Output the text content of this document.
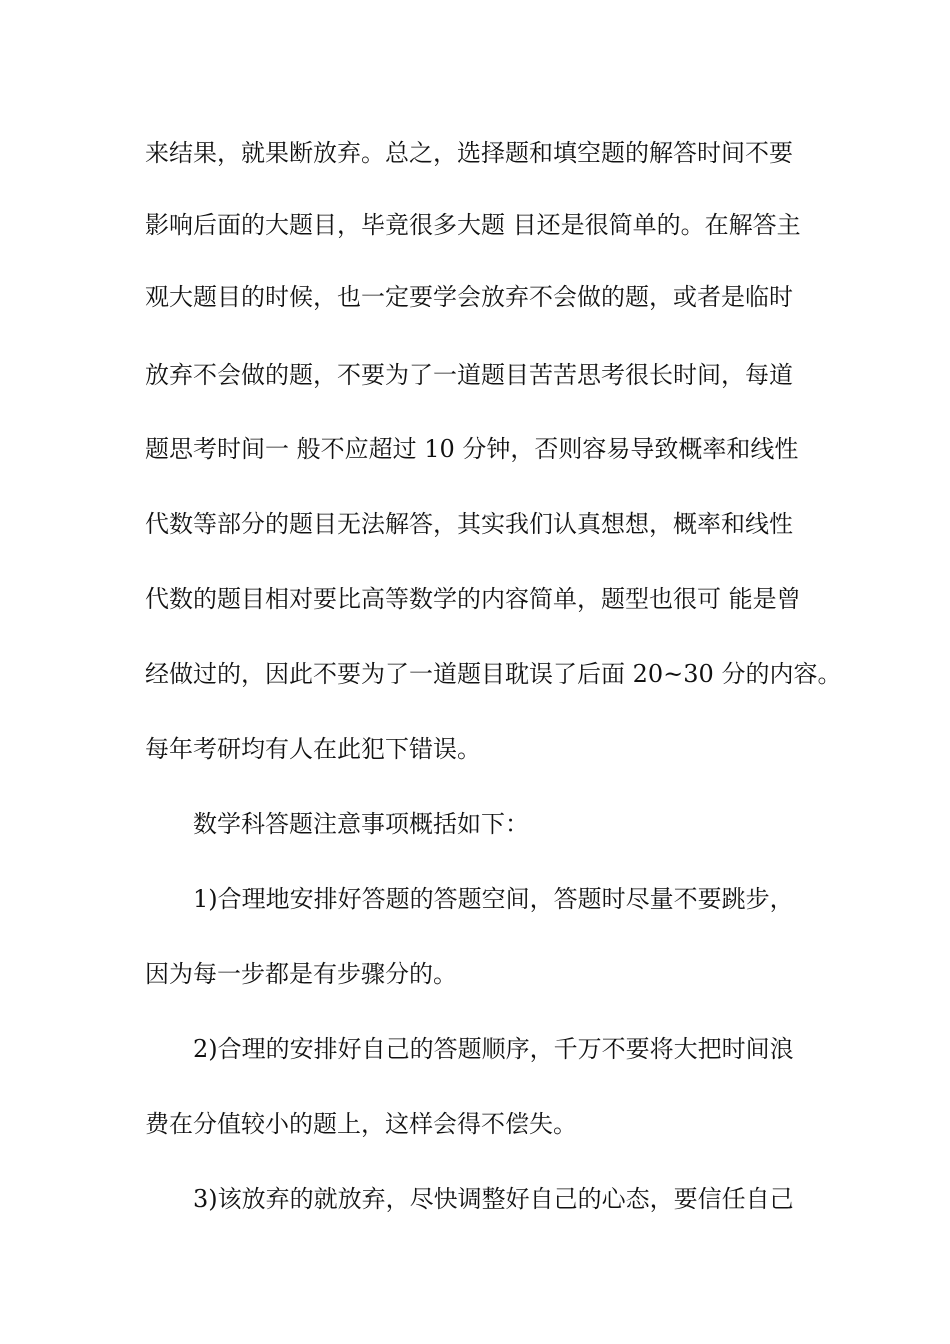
来结果，就果断放弃。总之，选择题和填空题的解答时间不要
影响后面的大题目，毕竟很多大题 目还是很简单的。在解答主
观大题目的时候，也一定要学会放弃不会做的题，或者是临时
放弃不会做的题，不要为了一道题目苦苦思考很长时间，每道
题思考时间一 般不应超过 10 分钟，否则容易导致概率和线性
代数等部分的题目无法解答，其实我们认真想想，概率和线性
代数的题目相对要比高等数学的内容简单，题型也很可 能是曾
经做过的，因此不要为了一道题目耽误了后面 20~30 分的内容。
每年考研均有人在此犯下错误。
数学科答题注意事项概括如下：
1)合理地安排好答题的答题空间，答题时尽量不要跳步，
因为每一步都是有步骤分的。
2)合理的安排好自己的答题顺序，千万不要将大把时间浪
费在分值较小的题上，这样会得不偿失。
3)该放弃的就放弃，尽快调整好自己的心态，要信任自己
